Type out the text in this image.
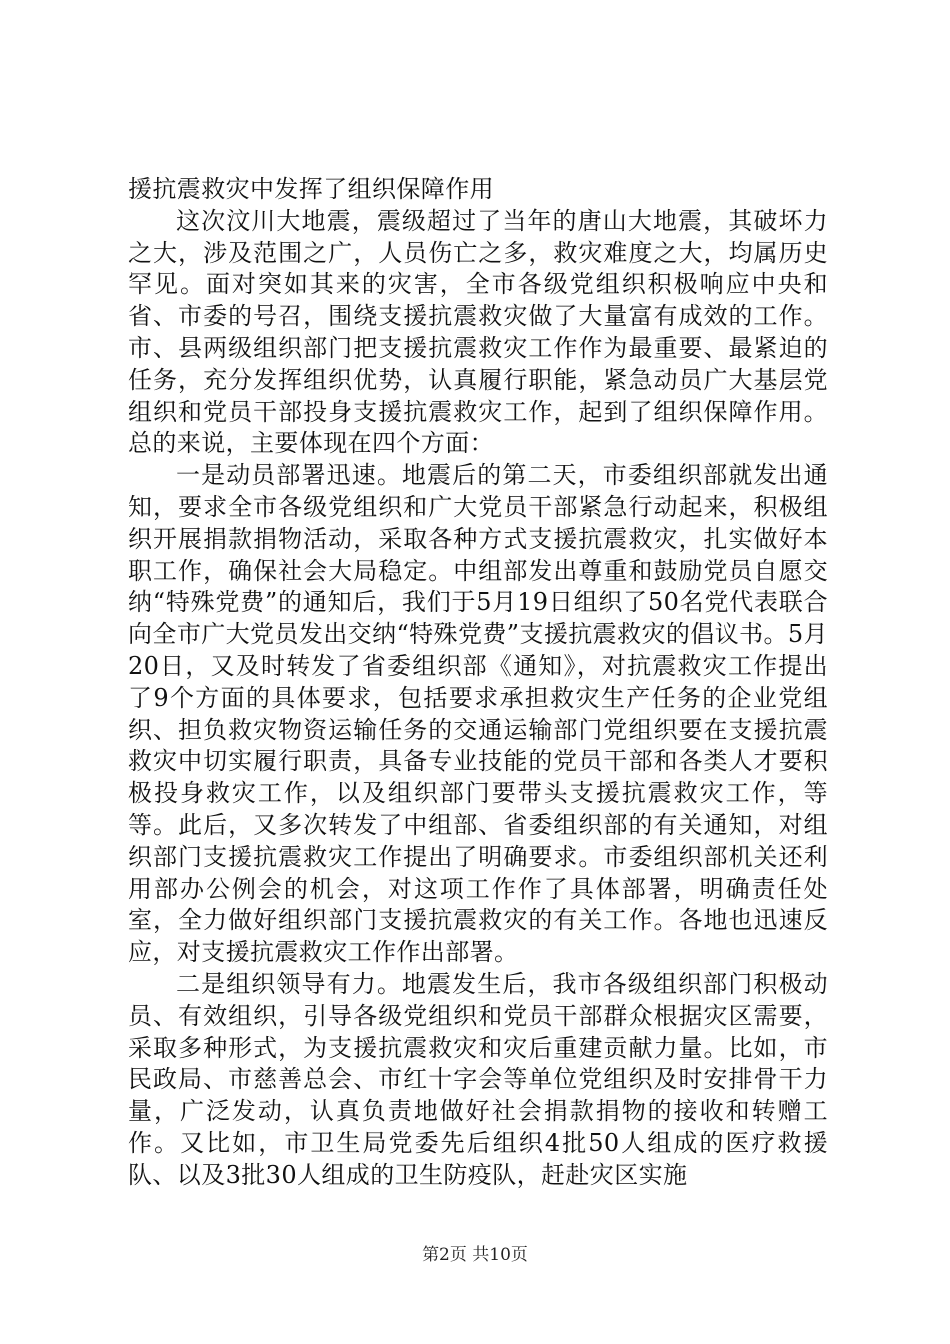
援抗震救灾中发挥了组织保障作用

这次汶川大地震，震级超过了当年的唐山大地震，其破坏力之大，涉及范围之广，人员伤亡之多，救灾难度之大，均属历史罕见。面对突如其来的灾害，全市各级党组织积极响应中央和省、市委的号召，围绕支援抗震救灾做了大量富有成效的工作。市、县两级组织部门把支援抗震救灾工作作为最重要、最紧迫的任务，充分发挥组织优势，认真履行职能，紧急动员广大基层党组织和党员干部投身支援抗震救灾工作，起到了组织保障作用。总的来说，主要体现在四个方面：

一是动员部署迅速。地震后的第二天，市委组织部就发出通知，要求全市各级党组织和广大党员干部紧急行动起来，积极组织开展捐款捐物活动，采取各种方式支援抗震救灾，扎实做好本职工作，确保社会大局稳定。中组部发出尊重和鼓励党员自愿交纳“特殊党费”的通知后，我们于5月19日组织了50名党代表联合向全市广大党员发出交纳“特殊党费”支援抗震救灾的倡议书。5月20日，又及时转发了省委组织部《通知》，对抗震救灾工作提出了9个方面的具体要求，包括要求承担救灾生产任务的企业党组织、担负救灾物资运输任务的交通运输部门党组织要在支援抗震救灾中切实履行职责，具备专业技能的党员干部和各类人才要积极投身救灾工作，以及组织部门要带头支援抗震救灾工作，等等。此后，又多次转发了中组部、省委组织部的有关通知，对组织部门支援抗震救灾工作提出了明确要求。市委组织部机关还利用部办公例会的机会，对这项工作作了具体部署，明确责任处室，全力做好组织部门支援抗震救灾的有关工作。各地也迅速反应，对支援抗震救灾工作作出部署。

二是组织领导有力。地震发生后，我市各级组织部门积极动员、有效组织，引导各级党组织和党员干部群众根据灾区需要，采取多种形式，为支援抗震救灾和灾后重建贡献力量。比如，市民政局、市慈善总会、市红十字会等单位党组织及时安排骨干力量，广泛发动，认真负责地做好社会捐款捐物的接收和转赠工作。又比如，市卫生局党委先后组织4批50人组成的医疗救援队、以及3批30人组成的卫生防疫队，赶赴灾区实施

第2页 共10页
